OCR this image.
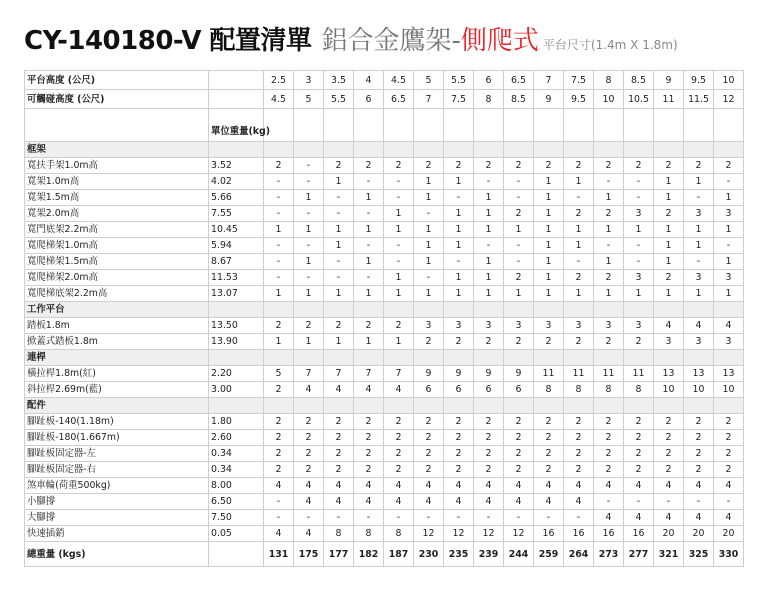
CY-140180-V 配置清單 鋁合金鷹架- 側爬式 平台尺寸(1.4m X 1.8m)
平台高度 (公尺)		2.5	3	3.5	4	4.5	5	5.5	6	6.5	7	7.5	8	8.5	9	9.5	10
可觸碰高度 (公尺)		4.5	5	5.5	6	6.5	7	7.5	8	8.5	9	9.5	10	10.5	11	11.5	12
	單位重量(kg)																
框架																	
寬扶手架1.0m高	3.52	2	-	2	2	2	2	2	2	2	2	2	2	2	2	2	2
寬架1.0m高	4.02	-	-	1	-	-	1	1	-	-	1	1	-	-	1	1	-
寬架1.5m高	5.66	-	1	-	1	-	1	-	1	-	1	-	1	-	1	-	1
寬架2.0m高	7.55	-	-	-	-	1	-	1	1	2	1	2	2	3	2	3	3
寬門底架2.2m高	10.45	1	1	1	1	1	1	1	1	1	1	1	1	1	1	1	1
寬爬梯架1.0m高	5.94	-	-	1	-	-	1	1	-	-	1	1	-	-	1	1	-
寬爬梯架1.5m高	8.67	-	1	-	1	-	1	-	1	-	1	-	1	-	1	-	1
寬爬梯架2.0m高	11.53	-	-	-	-	1	-	1	1	2	1	2	2	3	2	3	3
寬爬梯底架2.2m高	13.07	1	1	1	1	1	1	1	1	1	1	1	1	1	1	1	1
工作平台																	
踏板1.8m	13.50	2	2	2	2	2	3	3	3	3	3	3	3	3	4	4	4
掀蓋式踏板1.8m	13.90	1	1	1	1	1	2	2	2	2	2	2	2	2	3	3	3
連桿																	
橫拉桿1.8m(紅)	2.20	5	7	7	7	7	9	9	9	9	11	11	11	11	13	13	13
斜拉桿2.69m(藍)	3.00	2	4	4	4	4	6	6	6	6	8	8	8	8	10	10	10
配件																	
腳趾板-140(1.18m)	1.80	2	2	2	2	2	2	2	2	2	2	2	2	2	2	2	2
腳趾板-180(1.667m)	2.60	2	2	2	2	2	2	2	2	2	2	2	2	2	2	2	2
腳趾板固定器-左	0.34	2	2	2	2	2	2	2	2	2	2	2	2	2	2	2	2
腳趾板固定器-右	0.34	2	2	2	2	2	2	2	2	2	2	2	2	2	2	2	2
煞車輪(荷重500kg)	8.00	4	4	4	4	4	4	4	4	4	4	4	4	4	4	4	4
小腳撐	6.50	-	4	4	4	4	4	4	4	4	4	4	-	-	-	-	-
大腳撐	7.50	-	-	-	-	-	-	-	-	-	-	-	4	4	4	4	4
快速插銷	0.05	4	4	8	8	8	12	12	12	12	16	16	16	16	20	20	20
總重量 (kgs)		131	175	177	182	187	230	235	239	244	259	264	273	277	321	325	330
